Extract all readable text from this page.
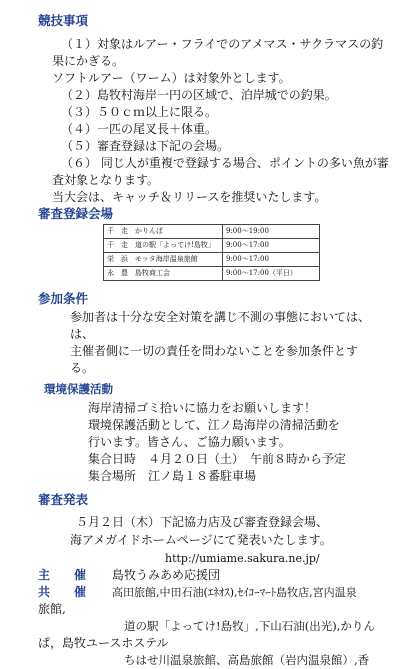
競技事項
（１）対象はルアー・フライでのアメマス・サクラマスの釣
果にかぎる。
ソフトルアー（ワーム）は対象外とします。
（２）島牧村海岸一円の区域で、泊岸城での釣果。
（３）５０ｃｍ以上に限る。
（４）一匹の尾叉長＋体重。
（５）審査登録は下記の会場。
（６） 同じ人が重複で登録する場合、ポイントの多い魚が審
査対象となります。
当大会は、キャッチ＆リリースを推奨いたします。
審査登録会場
千　走　かりんば	9:00〜19:00
千　走　道の駅「よってけ!島牧」	9:00〜17:00
栄　浜　モッタ海岸温泉旅館	9:00〜17:00
永　豊　島牧商工会	9:00〜17:00（平日）
参加条件
参加者は十分な安全対策を講じ不測の事態においては、
は、
主催者側に一切の責任を問わないことを参加条件とす
る。
環境保護活動
海岸清掃ゴミ拾いに協力をお願いします！
環境保護活動として、江ノ島海岸の清掃活動を
行います。皆さん、ご協力願います。
集合日時　４月２０日（土）　午前８時から予定
集合場所　江ノ島１８番駐車場
審査発表
５月２日（木）下記協力店及び審査登録会場、
海アメガイドホームページにて発表いたします。
http://umiame.sakura.ne.jp/
主　　催 島牧うみあめ応援団
共　　催 高田旅館,中田石油(ｴﾈｵｽ),ｾｲｺｰﾏｰﾄ島牧店,宮内温泉
旅館,
道の駅「よってけ!島牧」,下山石油(出光),かりん
ぱ，島牧ユースホステル
ちはせ川温泉旅館、高島旅館（岩内温泉館）,香
